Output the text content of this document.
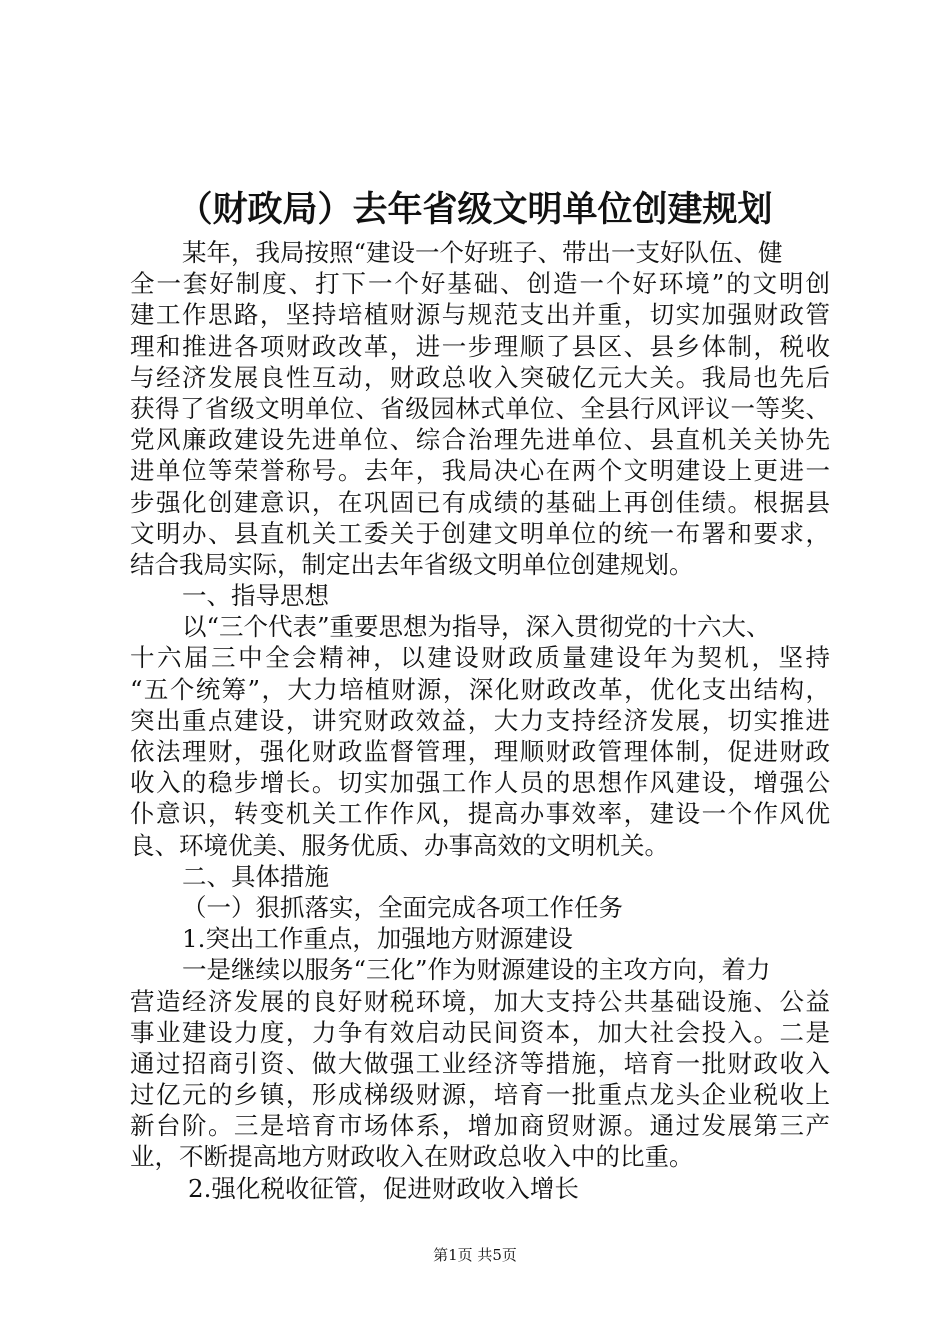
（财政局）去年省级文明单位创建规划
某年，我局按照“建设一个好班子、带出一支好队伍、健
全一套好制度、打下一个好基础、创造一个好环境”的文明创
建工作思路，坚持培植财源与规范支出并重，切实加强财政管
理和推进各项财政改革，进一步理顺了县区、县乡体制，税收
与经济发展良性互动，财政总收入突破亿元大关。我局也先后
获得了省级文明单位、省级园林式单位、全县行风评议一等奖、
党风廉政建设先进单位、综合治理先进单位、县直机关关协先
进单位等荣誉称号。去年，我局决心在两个文明建设上更进一
步强化创建意识，在巩固已有成绩的基础上再创佳绩。根据县
文明办、县直机关工委关于创建文明单位的统一布署和要求，
结合我局实际，制定出去年省级文明单位创建规划。
一、指导思想
以“三个代表”重要思想为指导，深入贯彻党的十六大、
十六届三中全会精神，以建设财政质量建设年为契机，坚持
“五个统筹”，大力培植财源，深化财政改革，优化支出结构，
突出重点建设，讲究财政效益，大力支持经济发展，切实推进
依法理财，强化财政监督管理，理顺财政管理体制，促进财政
收入的稳步增长。切实加强工作人员的思想作风建设，增强公
仆意识，转变机关工作作风，提高办事效率，建设一个作风优
良、环境优美、服务优质、办事高效的文明机关。
二、具体措施
（一）狠抓落实，全面完成各项工作任务
1.突出工作重点，加强地方财源建设
一是继续以服务“三化”作为财源建设的主攻方向，着力
营造经济发展的良好财税环境，加大支持公共基础设施、公益
事业建设力度，力争有效启动民间资本，加大社会投入。二是
通过招商引资、做大做强工业经济等措施，培育一批财政收入
过亿元的乡镇，形成梯级财源，培育一批重点龙头企业税收上
新台阶。三是培育市场体系，增加商贸财源。通过发展第三产
业，不断提高地方财政收入在财政总收入中的比重。
2.强化税收征管，促进财政收入增长
第1页 共5页
